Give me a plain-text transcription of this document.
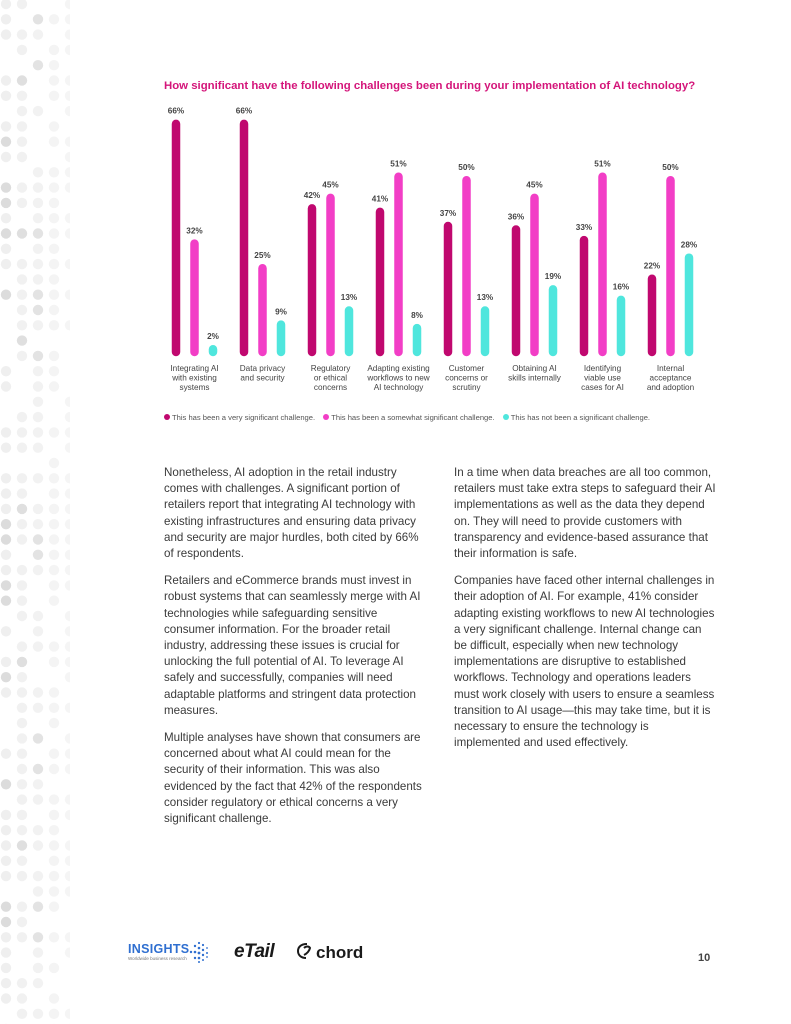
How significant have the following challenges been during your implementation of AI technology?
66%
32%
2%
Integrating AI with existing systems
66%
25%
9%
Data privacy and security
42%
45%
13%
Regulatory or ethical concerns
41%
51%
8%
Adapting existing workflows to new AI technology
37%
50%
13%
Customer concerns or scrutiny
36%
45%
19%
Obtaining AI skills internally
33%
51%
16%
Identifying viable use cases for AI
22%
50%
28%
Internal acceptance and adoption
This has been a very significant challenge. This has been a somewhat significant challenge. This has not been a significant challenge.

Nonetheless, AI adoption in the retail industry comes with challenges. A significant portion of retailers report that integrating AI technology with existing infrastructures and ensuring data privacy and security are major hurdles, both cited by 66% of respondents.

Retailers and eCommerce brands must invest in robust systems that can seamlessly merge with AI technologies while safeguarding sensitive consumer information. For the broader retail industry, addressing these issues is crucial for unlocking the full potential of AI. To leverage AI safely and successfully, companies will need adaptable platforms and stringent data protection measures.

Multiple analyses have shown that consumers are concerned about what AI could mean for the security of their information. This was also evidenced by the fact that 42% of the respondents consider regulatory or ethical concerns a very significant challenge.

In a time when data breaches are all too common, retailers must take extra steps to safeguard their AI implementations as well as the data they depend on. They will need to provide customers with transparency and evidence-based assurance that their information is safe.

Companies have faced other internal challenges in their adoption of AI. For example, 41% consider adapting existing workflows to new AI technologies a very significant challenge. Internal change can be difficult, especially when new technology implementations are disruptive to established workflows. Technology and operations leaders must work closely with users to ensure a seamless transition to AI usage—this may take time, but it is necessary to ensure the technology is implemented and used effectively.

INSIGHTS
Worldwide business research eTail	chord	10
